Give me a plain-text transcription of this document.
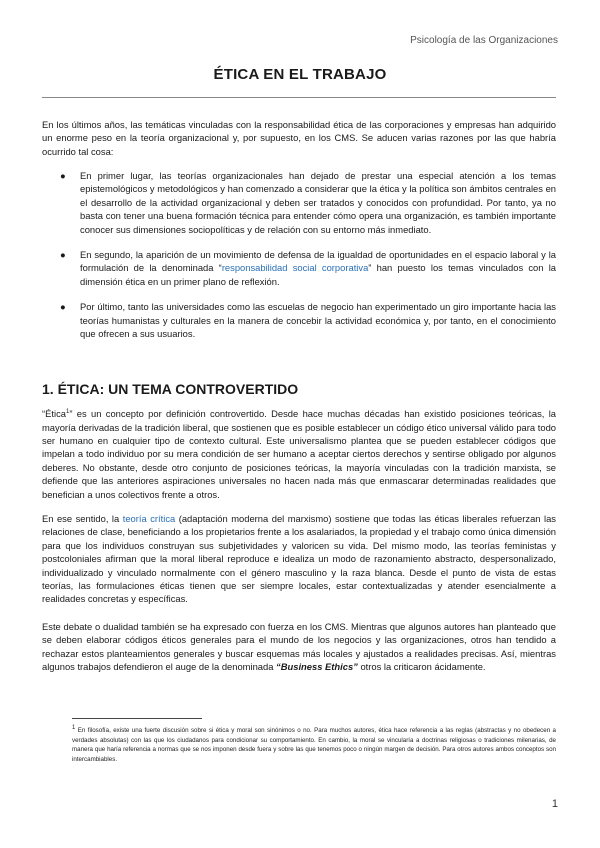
Psicología de las Organizaciones
ÉTICA EN EL TRABAJO

En los últimos años, las temáticas vinculadas con la responsabilidad ética de las corporaciones y empresas han adquirido un enorme peso en la teoría organizacional y, por supuesto, en los CMS. Se aducen varias razones por las que habría ocurrido tal cosa:

● En primer lugar, las teorías organizacionales han dejado de prestar una especial atención a los temas epistemológicos y metodológicos y han comenzado a considerar que la ética y la política son ámbitos centrales en el desarrollo de la actividad organizacional y deben ser tratados y conocidos con profundidad. Por tanto, ya no basta con tener una buena formación técnica para entender cómo opera una organización, es también importante conocer sus dimensiones sociopolíticas y de relación con su entorno más inmediato.
● En segundo, la aparición de un movimiento de defensa de la igualdad de oportunidades en el espacio laboral y la formulación de la denominada “responsabilidad social corporativa” han puesto los temas vinculados con la dimensión ética en un primer plano de reflexión.
● Por último, tanto las universidades como las escuelas de negocio han experimentado un giro importante hacia las teorías humanistas y culturales en la manera de concebir la actividad económica y, por tanto, en el conocimiento que ofrecen a sus usuarios.
1. ÉTICA: UN TEMA CONTROVERTIDO

“Ética$^1$” es un concepto por definición controvertido. Desde hace muchas décadas han existido posiciones teóricas, la mayoría derivadas de la tradición liberal, que sostienen que es posible establecer un código ético universal válido para todo ser humano en cualquier tipo de contexto cultural. Este universalismo plantea que se pueden establecer códigos que impelan a todo individuo por su mera condición de ser humano a aceptar ciertos derechos y sentirse obligado por algunos deberes. No obstante, desde otro conjunto de posiciones teóricas, la mayoría vinculadas con la tradición marxista, se defiende que las anteriores aspiraciones universales no hacen nada más que enmascarar determinadas realidades que benefician a unos colectivos frente a otros.

En ese sentido, la teoría crítica (adaptación moderna del marxismo) sostiene que todas las éticas liberales refuerzan las relaciones de clase, beneficiando a los propietarios frente a los asalariados, la propiedad y el trabajo como única dimensión para que los individuos construyan sus subjetividades y valoricen su vida. Del mismo modo, las teorías feministas y postcoloniales afirman que la moral liberal reproduce e idealiza un modo de razonamiento abstracto, despersonalizado, individualizado y vinculado normalmente con el género masculino y la raza blanca. Desde el punto de vista de estas teorías, las formulaciones éticas tienen que ser siempre locales, estar contextualizadas y atender esencialmente a realidades concretas y específicas.

Este debate o dualidad también se ha expresado con fuerza en los CMS. Mientras que algunos autores han planteado que se deben elaborar códigos éticos generales para el mundo de los negocios y las organizaciones, otros han tendido a rechazar estos planteamientos generales y buscar esquemas más locales y ajustados a realidades precisas. Así, mientras algunos trabajos defendieron el auge de la denominada “Business Ethics” otros la criticaron ácidamente.

$^1$ En filosofía, existe una fuerte discusión sobre si ética y moral son sinónimos o no. Para muchos autores, ética hace referencia a las reglas (abstractas y no obedecen a verdades absolutas) con las que los ciudadanos para condicionar su comportamiento. En cambio, la moral se vincularía a doctrinas religiosas o tradiciones milenarias, de manera que haría referencia a normas que se nos imponen desde fuera y sobre las que tenemos poco o ningún margen de decisión. Para otros autores ambos conceptos son intercambiables.
1
